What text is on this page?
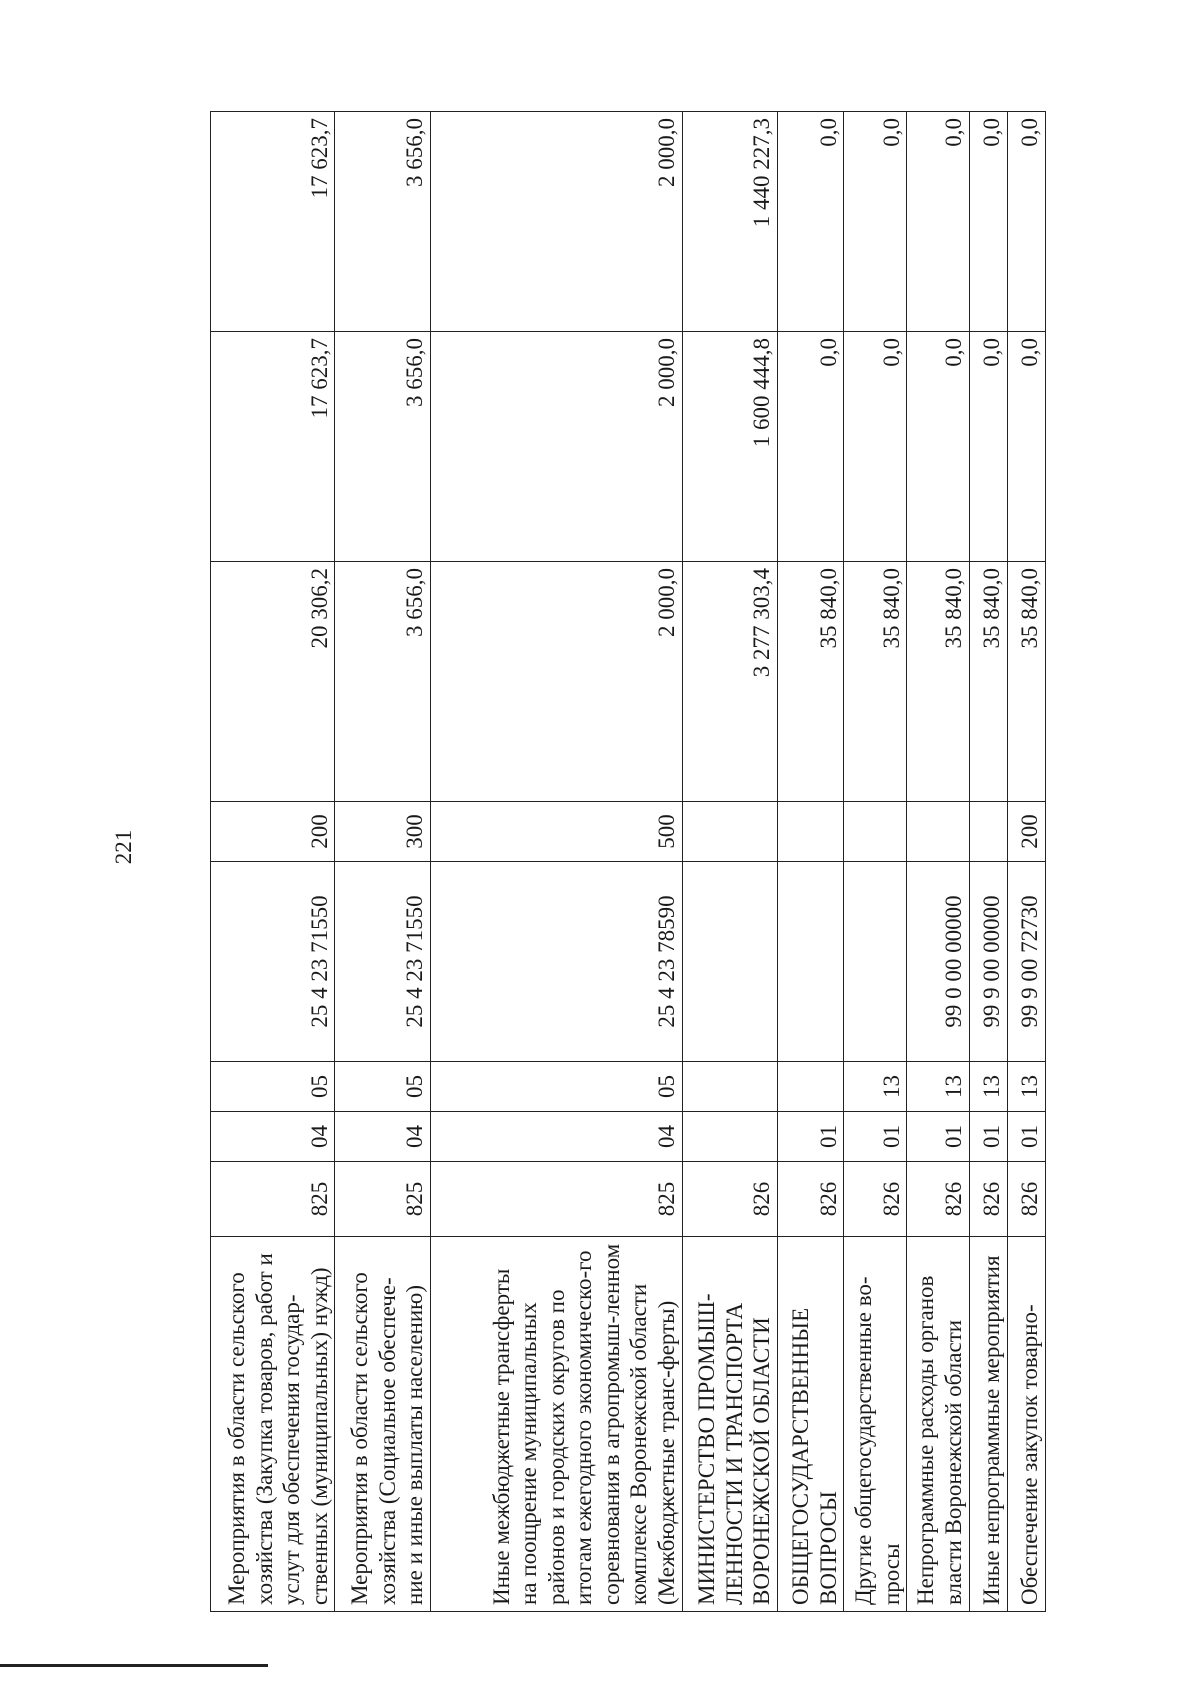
221
Мероприятия в области сельского хозяйства (Закупка товаров, работ и услут для обеспечения государ-ственных (муниципальных) нужд)	825	04	05	25 4 23 71550	200	20 306,2	17 623,7	17 623,7
Мероприятия в области сельского хозяйства (Социальное обеспече-ние и иные выплаты населению)	825	04	05	25 4 23 71550	300	3 656,0	3 656,0	3 656,0
Иные межбюджетные трансферты на поощрение муниципальных районов и городских округов по итогам ежегодного экономическо-го соревнования в агропромыш-ленном комплексе Воронежской области (Межбюджетные транс-ферты)	825	04	05	25 4 23 78590	500	2 000,0	2 000,0	2 000,0
МИНИСТЕРСТВО ПРОМЫШ-ЛЕННОСТИ И ТРАНСПОРТА ВОРОНЕЖСКОЙ ОБЛАСТИ	826					3 277 303,4	1 600 444,8	1 440 227,3
ОБЩЕГОСУДАРСТВЕННЫЕ ВОПРОСЫ	826	01				35 840,0	0,0	0,0
Другие общегосударственные во-просы	826	01	13			35 840,0	0,0	0,0
Непрограммные расходы органов власти Воронежской области	826	01	13	99 0 00 00000		35 840,0	0,0	0,0
Иные непрограммные мероприятия	826	01	13	99 9 00 00000		35 840,0	0,0	0,0
Обеспечение закупок товарно-	826	01	13	99 9 00 72730	200	35 840,0	0,0	0,0
